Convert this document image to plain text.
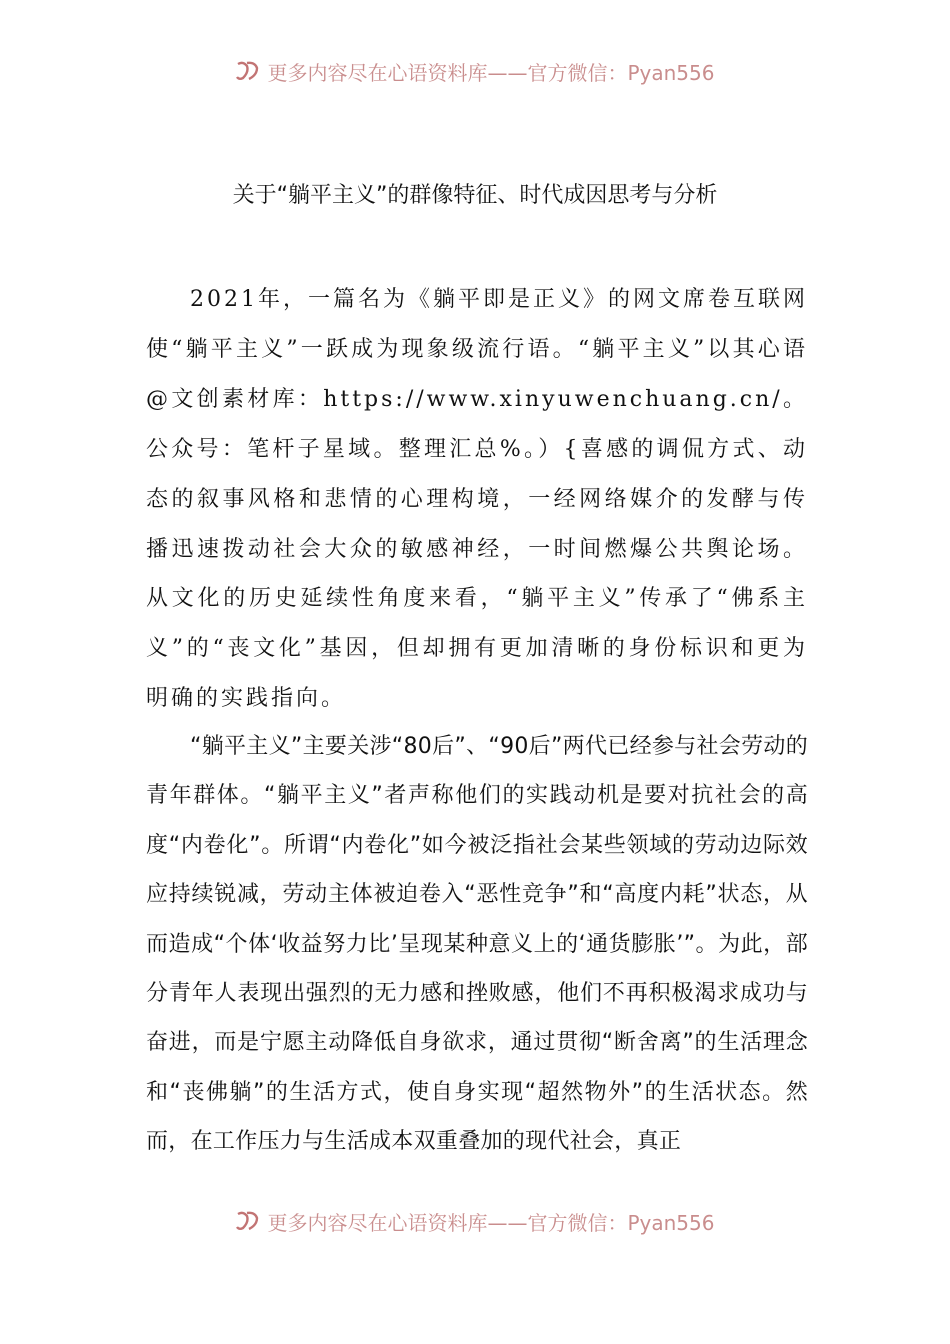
更多内容尽在心语资料库——官方微信：Pyan556
关于“躺平主义”的群像特征、时代成因思考与分析

2021年，一篇名为《躺平即是正义》的网文席卷互联网使“躺平主义”一跃成为现象级流行语。“躺平主义”以其心语@文创素材库：https://www.xinyuwenchuang.cn/。公众号：笔杆子星域。整理汇总%。）{喜感的调侃方式、动态的叙事风格和悲情的心理构境，一经网络媒介的发酵与传播迅速拨动社会大众的敏感神经，一时间燃爆公共舆论场。从文化的历史延续性角度来看，“躺平主义”传承了“佛系主义”的“丧文化”基因，但却拥有更加清晰的身份标识和更为明确的实践指向。

“躺平主义”主要关涉“80后”、“90后”两代已经参与社会劳动的青年群体。“躺平主义”者声称他们的实践动机是要对抗社会的高度“内卷化”。所谓“内卷化”如今被泛指社会某些领域的劳动边际效应持续锐减，劳动主体被迫卷入“恶性竞争”和“高度内耗”状态，从而造成“个体‘收益努力比’呈现某种意义上的‘通货膨胀’”。为此，部分青年人表现出强烈的无力感和挫败感，他们不再积极渴求成功与奋进，而是宁愿主动降低自身欲求，通过贯彻“断舍离”的生活理念和“丧佛躺”的生活方式，使自身实现“超然物外”的生活状态。然而，在工作压力与生活成本双重叠加的现代社会，真正

更多内容尽在心语资料库——官方微信：Pyan556
